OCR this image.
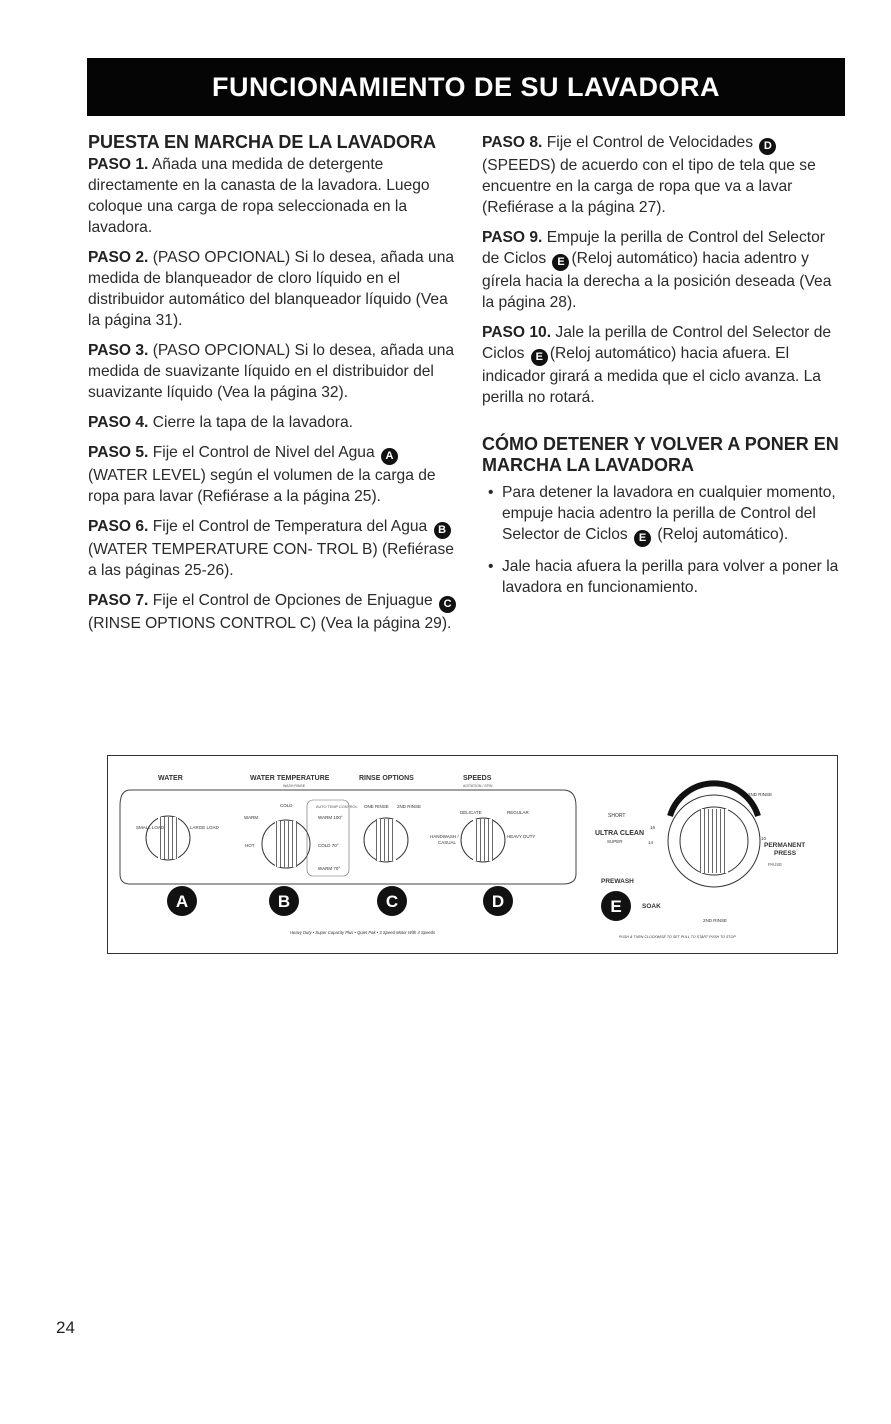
FUNCIONAMIENTO DE SU LAVADORA
PUESTA EN MARCHA DE LA LAVADORA

PASO 1. Añada una medida de detergente directamente en la canasta de la lavadora. Luego coloque una carga de ropa seleccionada en la lavadora.

PASO 2. (PASO OPCIONAL) Si lo desea, añada una medida de blanqueador de cloro líquido en el distribuidor automático del blanqueador líquido (Vea la página 31).

PASO 3. (PASO OPCIONAL) Si lo desea, añada una medida de suavizante líquido en el distribuidor del suavizante líquido (Vea la página 32).

PASO 4. Cierre la tapa de la lavadora.

PASO 5. Fije el Control de Nivel del Agua A (WATER LEVEL) según el volumen de la carga de ropa para lavar (Refiérase a la página 25).

PASO 6. Fije el Control de Temperatura del Agua B (WATER TEMPERATURE CON- TROL B) (Refiérase a las páginas 25-26).

PASO 7. Fije el Control de Opciones de Enjuague C (RINSE OPTIONS CONTROL C) (Vea la página 29).

PASO 8. Fije el Control de Velocidades D (SPEEDS) de acuerdo con el tipo de tela que se encuentre en la carga de ropa que va a lavar (Refiérase a la página 27).

PASO 9. Empuje la perilla de Control del Selector de Ciclos E (Reloj automático) hacia adentro y gírela hacia la derecha a la posición deseada (Vea la página 28).

PASO 10. Jale la perilla de Control del Selector de Ciclos E (Reloj automático) hacia afuera. El indicador girará a medida que el ciclo avanza. La perilla no rotará.

CÓMO DETENER Y VOLVER A PONER EN MARCHA LA LAVADORA
• Para detener la lavadora en cualquier momento, empuje hacia adentro la perilla de Control del Selector de Ciclos E (Reloj automático).
• Jale hacia afuera la perilla para volver a poner la lavadora en funcionamiento.
WATER	WATER TEMPERATURE
WASH RINSE
RINSE OPTIONS	SPEEDS
AGITATION / SPIN
SMALL LOAD	LARGE LOAD
COLD
WARM
HOT
AUTO TEMP CONTROL
WARM 100°
COLD 70°
WARM 70°
ONE RINSE 2ND RINSE
DELICATE	REGULAR
HANDWASH /
CASUAL
HEAVY DUTY
A	B	C	D
Heavy Duty • Super Capacity Plus • Quiet Pak • 3 Speed Motor With 4 Speeds
SHORT
ULTRA CLEAN
SUPER
16
14
PREWASH
SOAK
10
PERMANENT
PRESS
2ND RINSE
2ND RINSE
PAUSE
E
PUSH & TURN CLOCKWISE TO SET PULL TO START PUSH TO STOP
24
